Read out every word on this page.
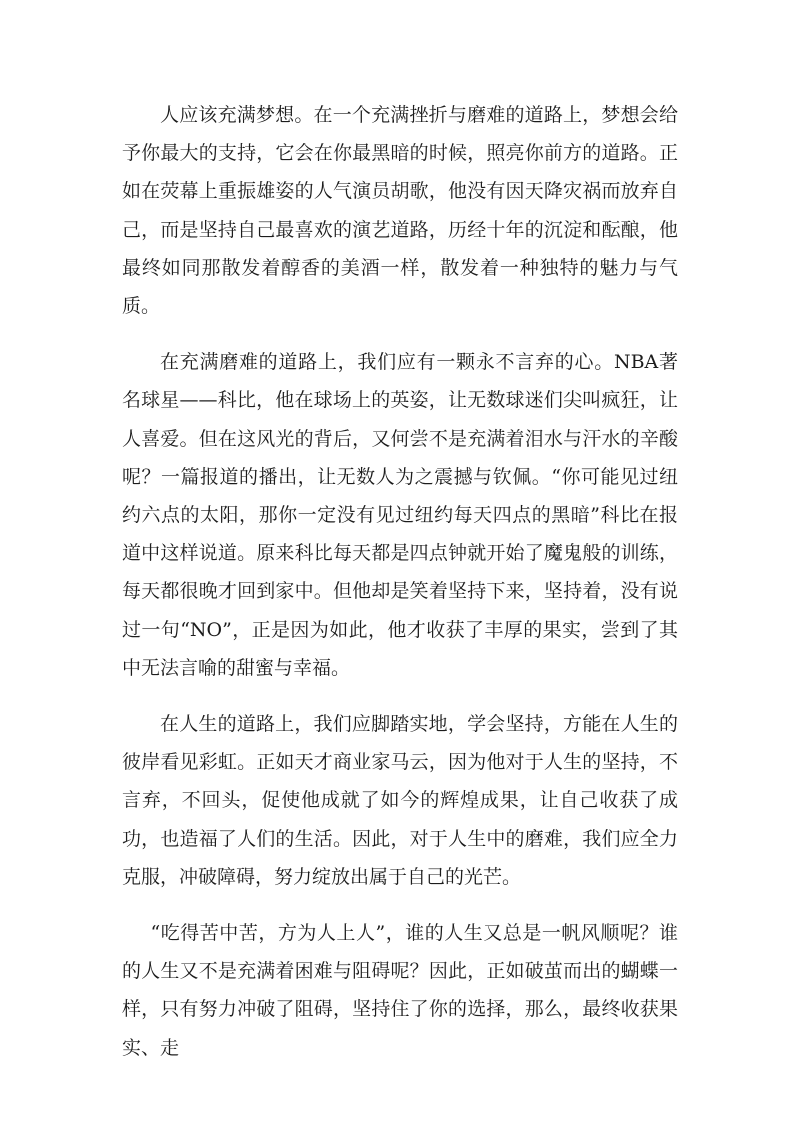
人应该充满梦想。在一个充满挫折与磨难的道路上，梦想会给予你最大的支持，它会在你最黑暗的时候，照亮你前方的道路。正如在荧幕上重振雄姿的人气演员胡歌，他没有因天降灾祸而放弃自己，而是坚持自己最喜欢的演艺道路，历经十年的沉淀和酝酿，他最终如同那散发着醇香的美酒一样，散发着一种独特的魅力与气质。

在充满磨难的道路上，我们应有一颗永不言弃的心。NBA著名球星——科比，他在球场上的英姿，让无数球迷们尖叫疯狂，让人喜爱。但在这风光的背后，又何尝不是充满着泪水与汗水的辛酸呢？一篇报道的播出，让无数人为之震撼与钦佩。“你可能见过纽约六点的太阳，那你一定没有见过纽约每天四点的黑暗”科比在报道中这样说道。原来科比每天都是四点钟就开始了魔鬼般的训练，每天都很晚才回到家中。但他却是笑着坚持下来，坚持着，没有说过一句“NO”，正是因为如此，他才收获了丰厚的果实，尝到了其中无法言喻的甜蜜与幸福。

在人生的道路上，我们应脚踏实地，学会坚持，方能在人生的彼岸看见彩虹。正如天才商业家马云，因为他对于人生的坚持，不言弃，不回头，促使他成就了如今的辉煌成果，让自己收获了成功，也造福了人们的生活。因此，对于人生中的磨难，我们应全力克服，冲破障碍，努力绽放出属于自己的光芒。

“吃得苦中苦，方为人上人”，谁的人生又总是一帆风顺呢？谁的人生又不是充满着困难与阻碍呢？因此，正如破茧而出的蝴蝶一样，只有努力冲破了阻碍，坚持住了你的选择，那么，最终收获果实、走
